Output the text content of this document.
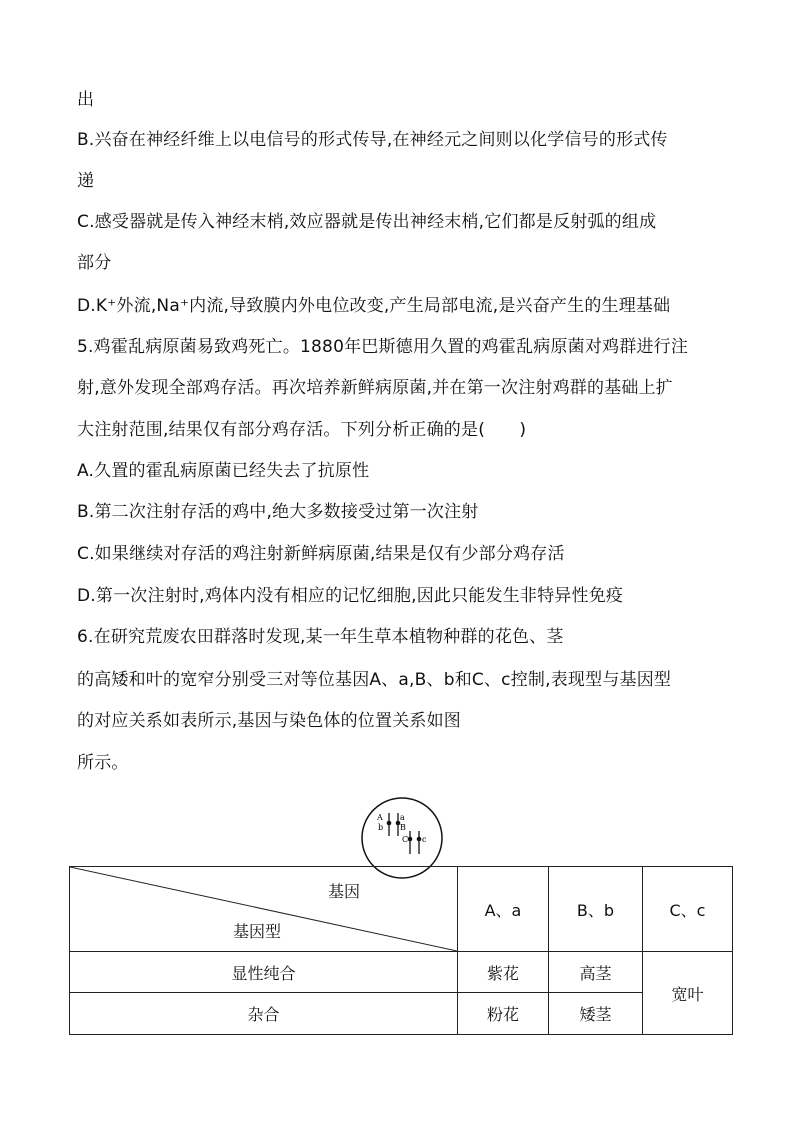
出
B.兴奋在神经纤维上以电信号的形式传导,在神经元之间则以化学信号的形式传
递
C.感受器就是传入神经末梢,效应器就是传出神经末梢,它们都是反射弧的组成
部分
D.K⁺外流,Na⁺内流,导致膜内外电位改变,产生局部电流,是兴奋产生的生理基础
5.鸡霍乱病原菌易致鸡死亡。1880年巴斯德用久置的鸡霍乱病原菌对鸡群进行注
射,意外发现全部鸡存活。再次培养新鲜病原菌,并在第一次注射鸡群的基础上扩
大注射范围,结果仅有部分鸡存活。下列分析正确的是(　　)
A.久置的霍乱病原菌已经失去了抗原性
B.第二次注射存活的鸡中,绝大多数接受过第一次注射
C.如果继续对存活的鸡注射新鲜病原菌,结果是仅有少部分鸡存活
D.第一次注射时,鸡体内没有相应的记忆细胞,因此只能发生非特异性免疫
6.在研究荒废农田群落时发现,某一年生草本植物种群的花色、茎
的高矮和叶的宽窄分别受三对等位基因A、a,B、b和C、c控制,表现型与基因型
的对应关系如表所示,基因与染色体的位置关系如图
所示。
A a
b B
C c
基因
基因型	A、a	B、b	C、c
显性纯合	紫花	高茎	宽叶
杂合	粉花	矮茎	
